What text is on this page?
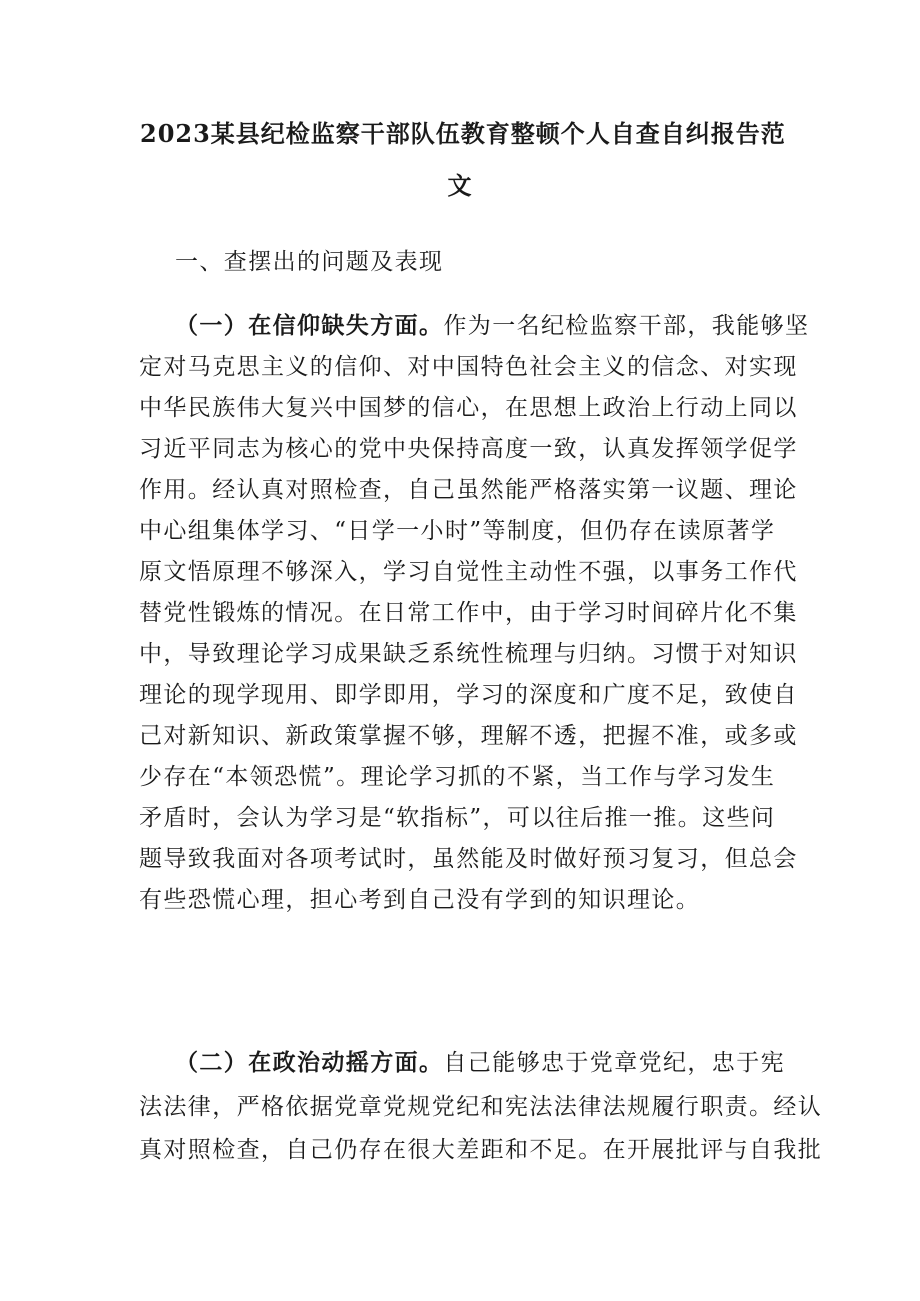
2023某县纪检监察干部队伍教育整顿个人自查自纠报告范
文
一、查摆出的问题及表现
（一）在信仰缺失方面。作为一名纪检监察干部，我能够坚
定对马克思主义的信仰、对中国特色社会主义的信念、对实现
中华民族伟大复兴中国梦的信心，在思想上政治上行动上同以
习近平同志为核心的党中央保持高度一致，认真发挥领学促学
作用。经认真对照检查，自己虽然能严格落实第一议题、理论
中心组集体学习、“日学一小时”等制度，但仍存在读原著学
原文悟原理不够深入，学习自觉性主动性不强，以事务工作代
替党性锻炼的情况。在日常工作中，由于学习时间碎片化不集
中，导致理论学习成果缺乏系统性梳理与归纳。习惯于对知识
理论的现学现用、即学即用，学习的深度和广度不足，致使自
己对新知识、新政策掌握不够，理解不透，把握不准，或多或
少存在“本领恐慌”。理论学习抓的不紧，当工作与学习发生
矛盾时，会认为学习是“软指标”，可以往后推一推。这些问
题导致我面对各项考试时，虽然能及时做好预习复习，但总会
有些恐慌心理，担心考到自己没有学到的知识理论。
（二）在政治动摇方面。自己能够忠于党章党纪，忠于宪
法法律，严格依据党章党规党纪和宪法法律法规履行职责。经认
真对照检查，自己仍存在很大差距和不足。在开展批评与自我批
